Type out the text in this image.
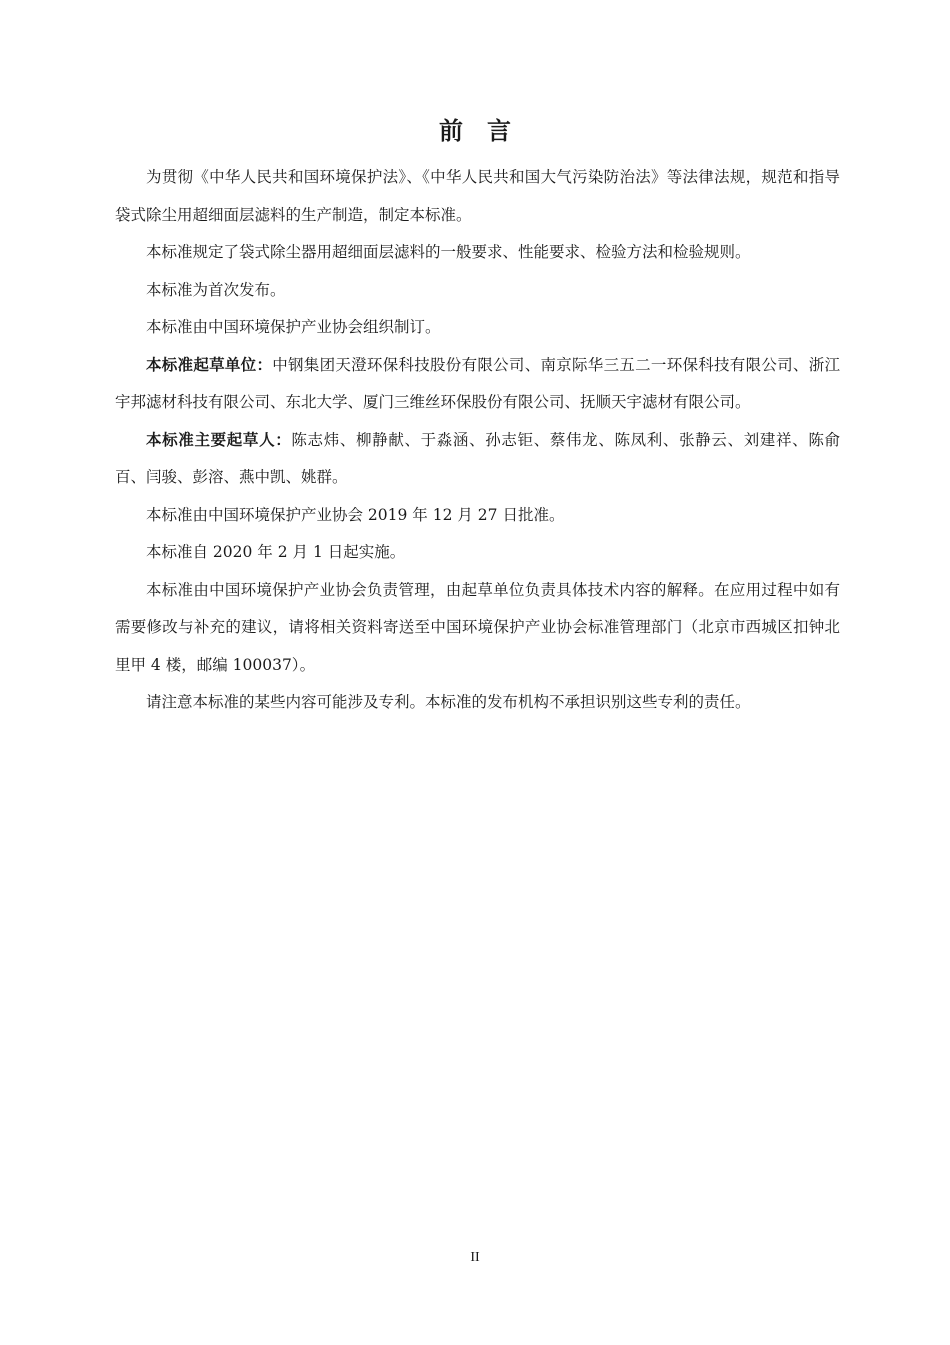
前言

为贯彻《中华人民共和国环境保护法》、《中华人民共和国大气污染防治法》等法律法规，规范和指导袋式除尘用超细面层滤料的生产制造，制定本标准。

本标准规定了袋式除尘器用超细面层滤料的一般要求、性能要求、检验方法和检验规则。

本标准为首次发布。

本标准由中国环境保护产业协会组织制订。

本标准起草单位：中钢集团天澄环保科技股份有限公司、南京际华三五二一环保科技有限公司、浙江宇邦滤材科技有限公司、东北大学、厦门三维丝环保股份有限公司、抚顺天宇滤材有限公司。

本标准主要起草人：陈志炜、柳静献、于淼涵、孙志钜、蔡伟龙、陈凤利、张静云、刘建祥、陈俞百、闫骏、彭溶、燕中凯、姚群。

本标准由中国环境保护产业协会 2019 年 12 月 27 日批准。

本标准自 2020 年 2 月 1 日起实施。

本标准由中国环境保护产业协会负责管理，由起草单位负责具体技术内容的解释。在应用过程中如有需要修改与补充的建议，请将相关资料寄送至中国环境保护产业协会标准管理部门（北京市西城区扣钟北里甲 4 楼，邮编 100037）。

请注意本标准的某些内容可能涉及专利。本标准的发布机构不承担识别这些专利的责任。

II
